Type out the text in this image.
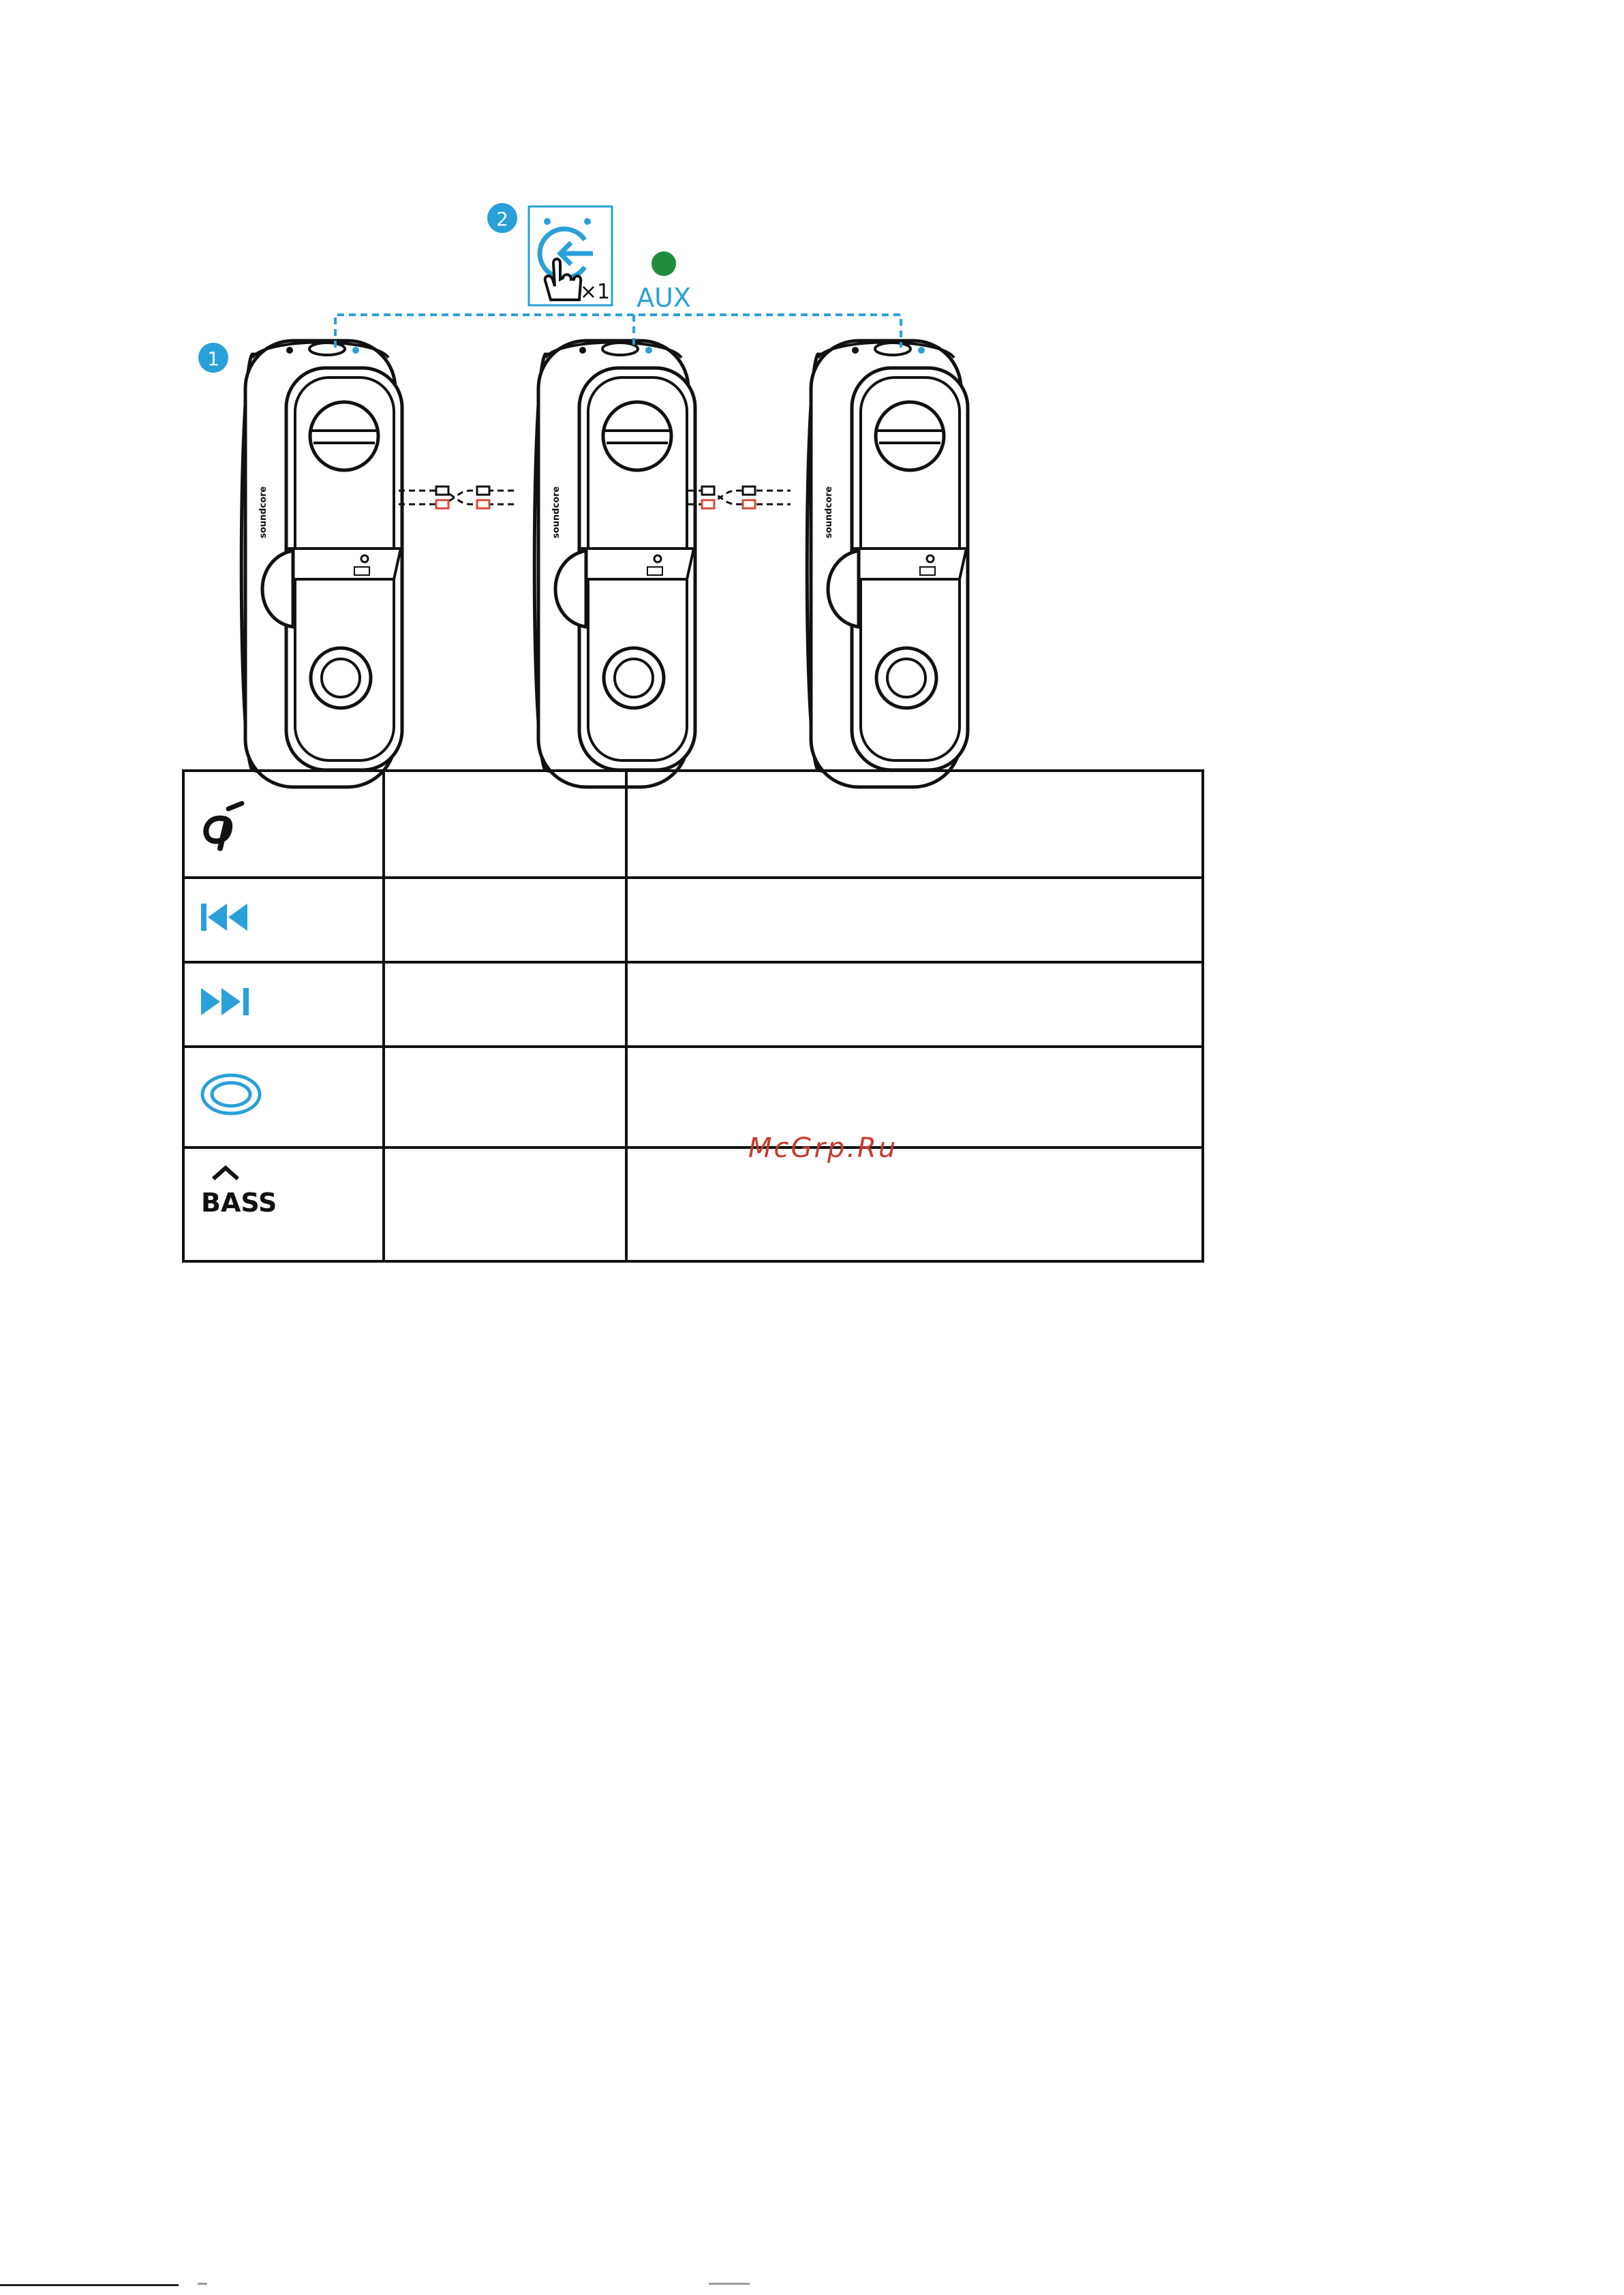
soundcore
1
2
×1 AUX

BASS		

McGrp.Ru
